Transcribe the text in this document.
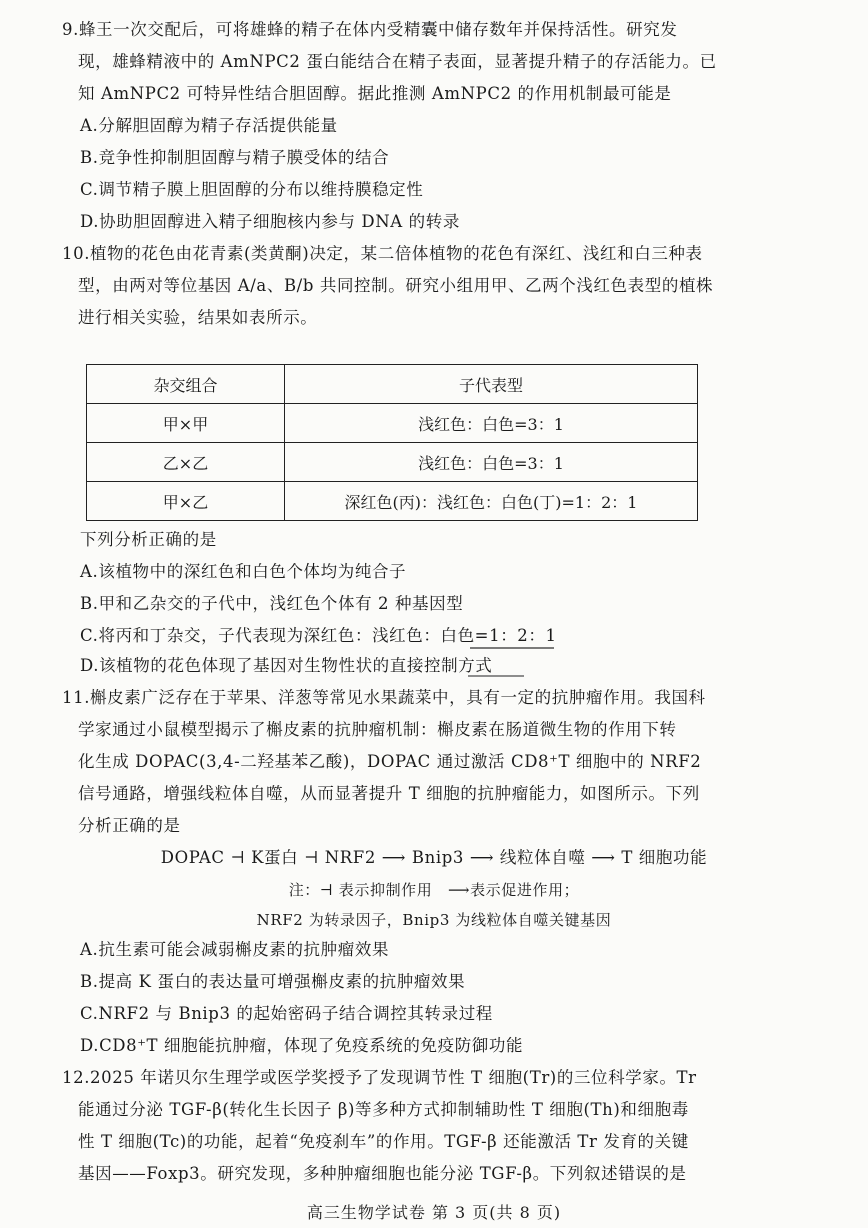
9.蜂王一次交配后，可将雄蜂的精子在体内受精囊中储存数年并保持活性。研究发
现，雄蜂精液中的 AmNPC2 蛋白能结合在精子表面，显著提升精子的存活能力。已
知 AmNPC2 可特异性结合胆固醇。据此推测 AmNPC2 的作用机制最可能是
A.分解胆固醇为精子存活提供能量
B.竞争性抑制胆固醇与精子膜受体的结合
C.调节精子膜上胆固醇的分布以维持膜稳定性
D.协助胆固醇进入精子细胞核内参与 DNA 的转录
10.植物的花色由花青素(类黄酮)决定，某二倍体植物的花色有深红、浅红和白三种表
型，由两对等位基因 A/a、B/b 共同控制。研究小组用甲、乙两个浅红色表型的植株
进行相关实验，结果如表所示。
杂交组合	子代表型
甲×甲	浅红色：白色=3：1
乙×乙	浅红色：白色=3：1
甲×乙	深红色(丙)：浅红色：白色(丁)=1：2：1
下列分析正确的是
A.该植物中的深红色和白色个体均为纯合子
B.甲和乙杂交的子代中，浅红色个体有 2 种基因型
C.将丙和丁杂交，子代表现为深红色：浅红色：白色=1：2：1
D.该植物的花色体现了基因对生物性状的直接控制方式
11.槲皮素广泛存在于苹果、洋葱等常见水果蔬菜中，具有一定的抗肿瘤作用。我国科
学家通过小鼠模型揭示了槲皮素的抗肿瘤机制：槲皮素在肠道微生物的作用下转
化生成 DOPAC(3,4-二羟基苯乙酸)，DOPAC 通过激活 CD8⁺T 细胞中的 NRF2
信号通路，增强线粒体自噬，从而显著提升 T 细胞的抗肿瘤能力，如图所示。下列
分析正确的是
DOPAC ⊣ K蛋白 ⊣ NRF2 ⟶ Bnip3 ⟶ 线粒体自噬 ⟶ T 细胞功能
注：⊣ 表示抑制作用　⟶表示促进作用；
NRF2 为转录因子，Bnip3 为线粒体自噬关键基因
A.抗生素可能会减弱槲皮素的抗肿瘤效果
B.提高 K 蛋白的表达量可增强槲皮素的抗肿瘤效果
C.NRF2 与 Bnip3 的起始密码子结合调控其转录过程
D.CD8⁺T 细胞能抗肿瘤，体现了免疫系统的免疫防御功能
12.2025 年诺贝尔生理学或医学奖授予了发现调节性 T 细胞(Tr)的三位科学家。Tr
能通过分泌 TGF-β(转化生长因子 β)等多种方式抑制辅助性 T 细胞(Th)和细胞毒
性 T 细胞(Tc)的功能，起着“免疫刹车”的作用。TGF-β 还能激活 Tr 发育的关键
高三生物学试卷 第 3 页(共 8 页)
基因——Foxp3。研究发现，多种肿瘤细胞也能分泌 TGF-β。下列叙述错误的是
